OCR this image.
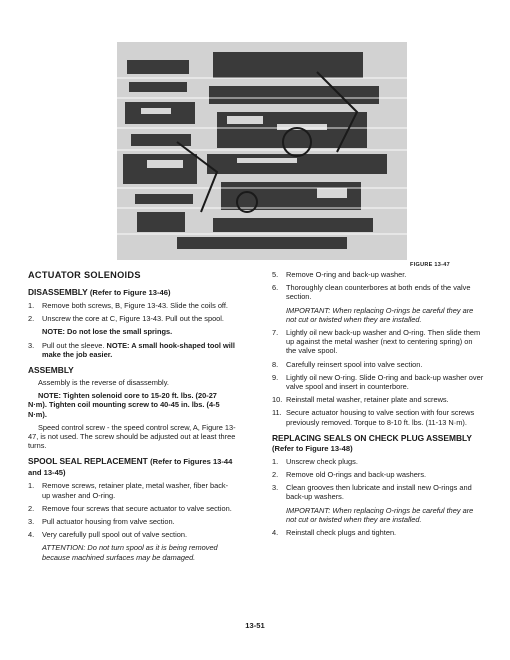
FIGURE 13-47
ACTUATOR SOLENOIDS
DISASSEMBLY (Refer to Figure 13-46)
1.	Remove both screws, B, Figure 13-43. Slide the coils off.
2.	Unscrew the core at C, Figure 13-43. Pull out the spool.

NOTE: Do not lose the small springs.

3.	Pull out the sleeve. NOTE: A small hook-shaped tool will make the job easier.
ASSEMBLY

Assembly is the reverse of disassembly.

NOTE: Tighten solenoid core to 15-20 ft. lbs. (20-27 N·m). Tighten coil mounting screw to 40-45 in. lbs. (4-5 N·m).

Speed control screw - the speed control screw, A, Figure 13-47, is not used. The screw should be adjusted out at least three turns.

SPOOL SEAL REPLACEMENT (Refer to Figures 13-44 and 13-45)
1.	Remove screws, retainer plate, metal washer, fiber back-up washer and O-ring.
2.	Remove four screws that secure actuator to valve section.
3.	Pull actuator housing from valve section.
4.	Very carefully pull spool out of valve section.

ATTENTION: Do not turn spool as it is being removed because machined surfaces may be damaged.

5.	Remove O-ring and back-up washer.
6.	Thoroughly clean counterbores at both ends of the valve section.

IMPORTANT: When replacing O-rings be careful they are not cut or twisted when they are installed.

7.	Lightly oil new back-up washer and O-ring. Then slide them up against the metal washer (next to centering spring) on the valve spool.
8.	Carefully reinsert spool into valve section.
9.	Lightly oil new O-ring. Slide O-ring and back-up washer over valve spool and insert in counterbore.
10. Reinstall metal washer, retainer plate and screws.
11. Secure actuator housing to valve section with four screws previously removed. Torque to 8-10 ft. lbs. (11-13 N·m).
REPLACING SEALS ON CHECK PLUG ASSEMBLY (Refer to Figure 13-48)
1.	Unscrew check plugs.
2.	Remove old O-rings and back-up washers.
3.	Clean grooves then lubricate and install new O-rings and back-up washers.

IMPORTANT: When replacing O-rings be careful they are not cut or twisted when they are installed.

4.	Reinstall check plugs and tighten.
13-51
